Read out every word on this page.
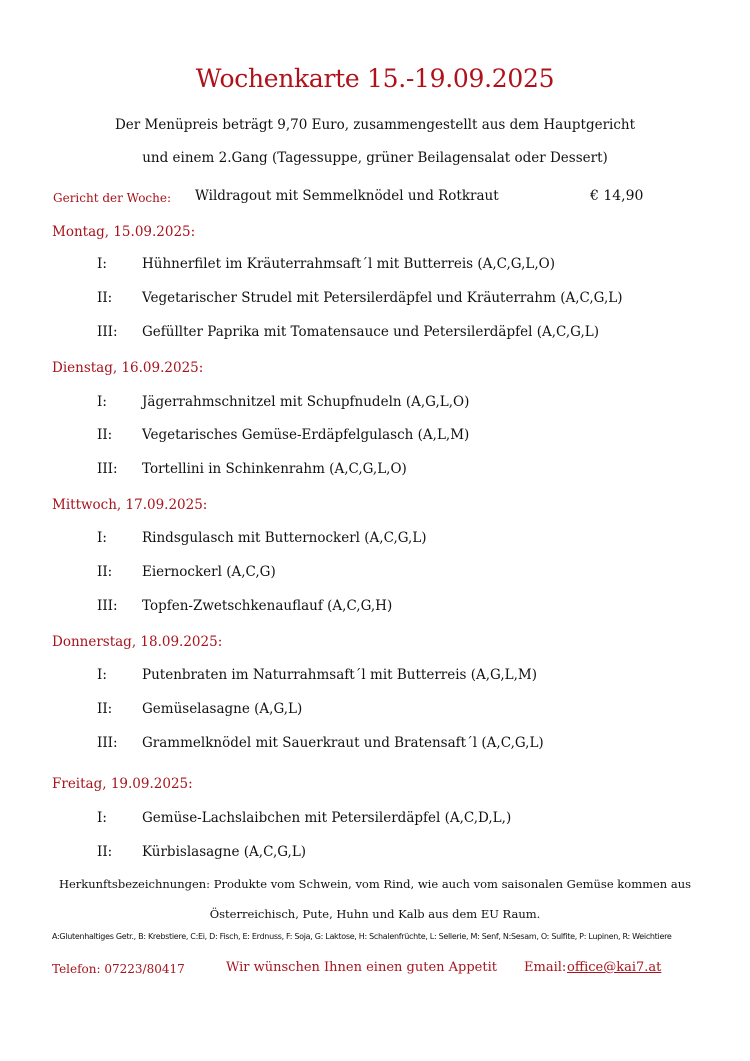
Wochenkarte 15.-19.09.2025
Der Menüpreis beträgt 9,70 Euro, zusammengestellt aus dem Hauptgericht
und einem 2.Gang (Tagessuppe, grüner Beilagensalat oder Dessert)
Gericht der Woche: Wildragout mit Semmelknödel und Rotkraut	€ 14,90
Montag, 15.09.2025:
I:	Hühnerfilet im Kräuterrahmsaft´l mit Butterreis (A,C,G,L,O)
II: Vegetarischer Strudel mit Petersilerdäpfel und Kräuterrahm (A,C,G,L)
III: Gefüllter Paprika mit Tomatensauce und Petersilerdäpfel (A,C,G,L)
Dienstag, 16.09.2025:
I:	Jägerrahmschnitzel mit Schupfnudeln (A,G,L,O)
II: Vegetarisches Gemüse-Erdäpfelgulasch (A,L,M)
III: Tortellini in Schinkenrahm (A,C,G,L,O)
Mittwoch, 17.09.2025:
I:	Rindsgulasch mit Butternockerl (A,C,G,L)
II: Eiernockerl (A,C,G)
III: Topfen-Zwetschkenauflauf (A,C,G,H)
Donnerstag, 18.09.2025:
I:	Putenbraten im Naturrahmsaft´l mit Butterreis (A,G,L,M)
II: Gemüselasagne (A,G,L)
III: Grammelknödel mit Sauerkraut und Bratensaft´l (A,C,G,L)
Freitag, 19.09.2025:
I:	Gemüse-Lachslaibchen mit Petersilerdäpfel (A,C,D,L,)
II: Kürbislasagne (A,C,G,L)
Herkunftsbezeichnungen: Produkte vom Schwein, vom Rind, wie auch vom saisonalen Gemüse kommen aus
Österreichisch, Pute, Huhn und Kalb aus dem EU Raum.
A:Glutenhaltiges Getr., B: Krebstiere, C:Ei, D: Fisch, E: Erdnuss, F: Soja, G: Laktose, H: Schalenfrüchte, L: Sellerie, M: Senf, N:Sesam, O: Sulfite, P: Lupinen, R: Weichtiere
Telefon: 07223/80417	Wir wünschen Ihnen einen guten Appetit Email: office@kai7.at
